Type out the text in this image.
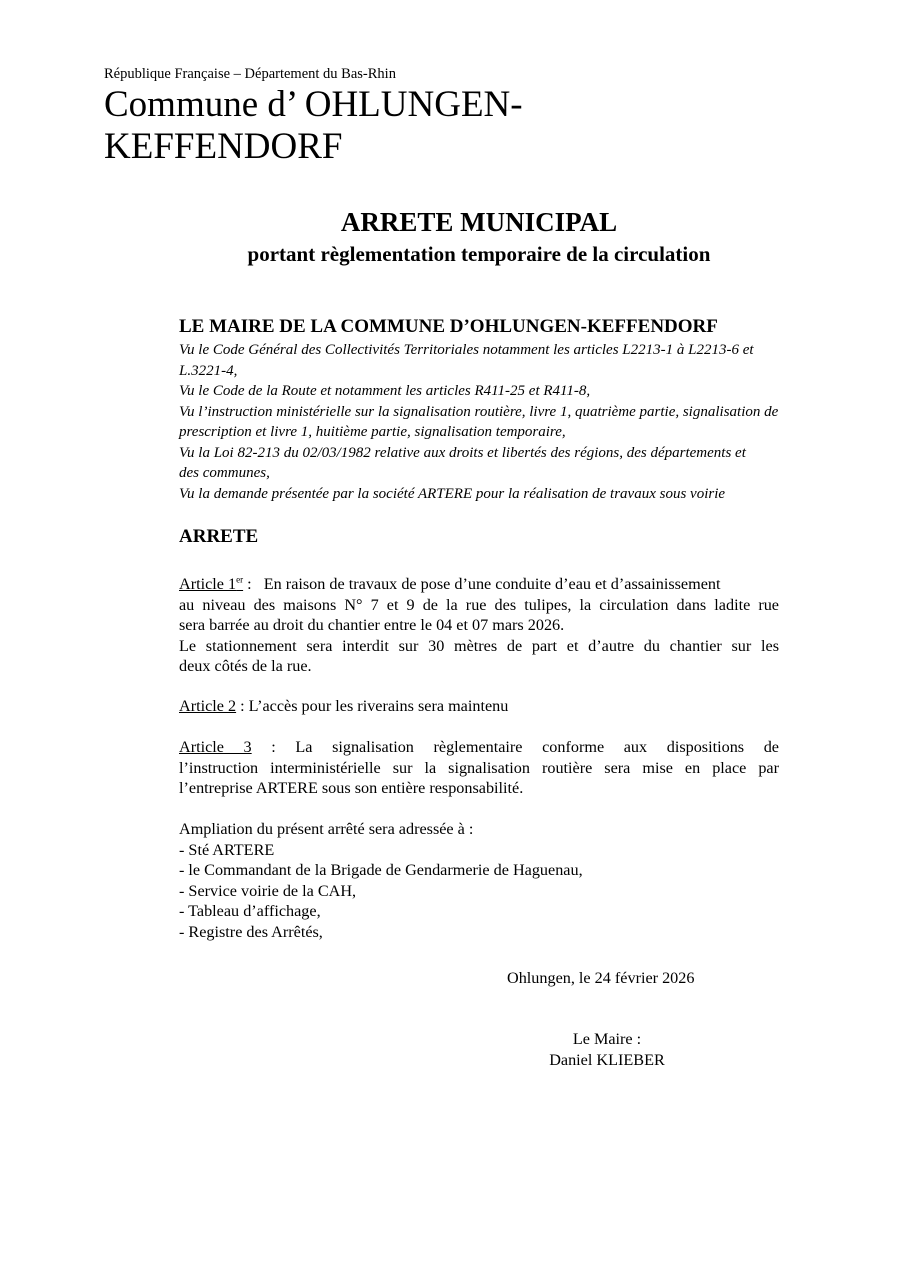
République Française – Département du Bas-Rhin
Commune d’ OHLUNGEN-
KEFFENDORF
ARRETE MUNICIPAL
portant règlementation temporaire de la circulation
LE MAIRE DE LA COMMUNE D’OHLUNGEN-KEFFENDORF
Vu le Code Général des Collectivités Territoriales notamment les articles L2213-1 à L2213-6 et
L.3221-4,
Vu le Code de la Route et notamment les articles R411-25 et R411-8,
Vu l’instruction ministérielle sur la signalisation routière, livre 1, quatrième partie, signalisation de
prescription et livre 1, huitième partie, signalisation temporaire,
Vu la Loi 82-213 du 02/03/1982 relative aux droits et libertés des régions, des départements et
des communes,
Vu la demande présentée par la société ARTERE pour la réalisation de travaux sous voirie
ARRETE
Article 1er :   En raison de travaux de pose d’une conduite d’eau et d’assainissement
au niveau des maisons N° 7 et 9 de la rue des tulipes, la circulation dans ladite rue
sera barrée au droit du chantier entre le 04 et 07 mars 2026.
Le stationnement sera interdit sur 30 mètres de part et d’autre du chantier sur les
deux côtés de la rue.
Article 2 : L’accès pour les riverains sera maintenu
Article 3 : La signalisation règlementaire conforme aux dispositions de
l’instruction interministérielle sur la signalisation routière sera mise en place par
l’entreprise ARTERE sous son entière responsabilité.
Ampliation du présent arrêté sera adressée à :
- Sté ARTERE
- le Commandant de la Brigade de Gendarmerie de Haguenau,
- Service voirie de la CAH,
- Tableau d’affichage,
- Registre des Arrêtés,
Ohlungen, le 24 février 2026
Le Maire :
Daniel KLIEBER
